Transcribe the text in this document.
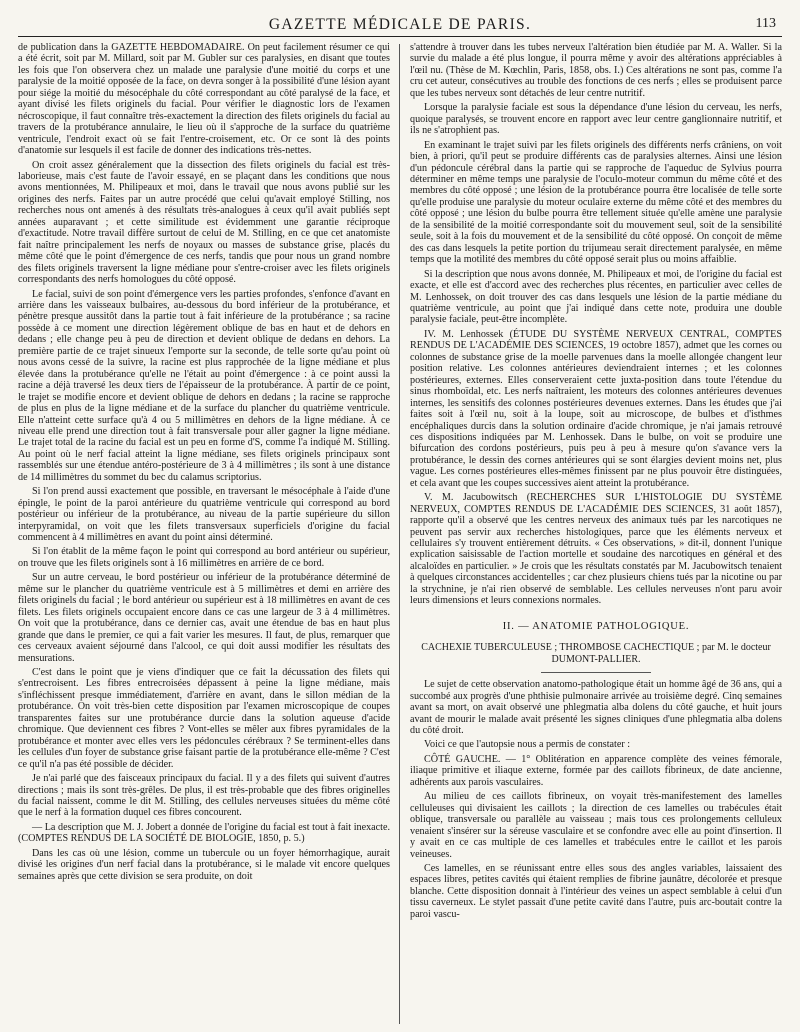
GAZETTE MÉDICALE DE PARIS.	113

de publication dans la GAZETTE HEBDOMADAIRE. On peut facilement résumer ce qui a été écrit, soit par M. Millard, soit par M. Gubler sur ces paralysies, en disant que toutes les fois que l'on observera chez un malade une paralysie d'une moitié du corps et une paralysie de la moitié opposée de la face, on devra songer à la possibilité d'une lésion ayant pour siége la moitié du mésocéphale du côté correspondant au côté paralysé de la face, et ayant divisé les filets originels du facial. Pour vérifier le diagnostic lors de l'examen nécroscopique, il faut connaître très-exactement la direction des filets originels du facial au travers de la protubérance annulaire, le lieu où il s'approche de la surface du quatrième ventricule, l'endroit exact où se fait l'entre-croisement, etc. Or ce sont là des points d'anatomie sur lesquels il est facile de donner des indications très-nettes.

On croit assez généralement que la dissection des filets originels du facial est très-laborieuse, mais c'est faute de l'avoir essayé, en se plaçant dans les conditions que nous avons mentionnées, M. Philipeaux et moi, dans le travail que nous avons publié sur les origines des nerfs. Faites par un autre procédé que celui qu'avait employé Stilling, nos recherches nous ont amenés à des résultats très-analogues à ceux qu'il avait publiés sept années auparavant ; et cette similitude est évidemment une garantie réciproque d'exactitude. Notre travail diffère surtout de celui de M. Stilling, en ce que cet anatomiste fait naître principalement les nerfs de noyaux ou masses de substance grise, placés du même côté que le point d'émergence de ces nerfs, tandis que pour nous un grand nombre des filets originels traversent la ligne médiane pour s'entre-croiser avec les filets originels correspondants des nerfs homologues du côté opposé.

Le facial, suivi de son point d'émergence vers les parties profondes, s'enfonce d'avant en arrière dans les vaisseaux bulbaires, au-dessous du bord inférieur de la protubérance, et pénètre presque aussitôt dans la partie tout à fait inférieure de la protubérance ; sa racine possède à ce moment une direction légèrement oblique de bas en haut et de dehors en dedans ; elle change peu à peu de direction et devient oblique de dedans en dehors. La première partie de ce trajet sinueux l'emporte sur la seconde, de telle sorte qu'au point où nous avons cessé de la suivre, la racine est plus rapprochée de la ligne médiane et plus élevée dans la protubérance qu'elle ne l'était au point d'émergence : à ce point aussi la racine a déjà traversé les deux tiers de l'épaisseur de la protubérance. À partir de ce point, le trajet se modifie encore et devient oblique de dehors en dedans ; la racine se rapproche de plus en plus de la ligne médiane et de la surface du plancher du quatrième ventricule. Elle n'atteint cette surface qu'à 4 ou 5 millimètres en dehors de la ligne médiane. À ce niveau elle prend une direction tout à fait transversale pour aller gagner la ligne médiane. Le trajet total de la racine du facial est un peu en forme d'S, comme l'a indiqué M. Stilling. Au point où le nerf facial atteint la ligne médiane, ses filets originels principaux sont rassemblés sur une étendue antéro-postérieure de 3 à 4 millimètres ; ils sont à une distance de 14 millimètres du sommet du bec du calamus scriptorius.

Si l'on prend aussi exactement que possible, en traversant le mésocéphale à l'aide d'une épingle, le point de la paroi antérieure du quatrième ventricule qui correspond au bord postérieur ou inférieur de la protubérance, au niveau de la partie supérieure du sillon interpyramidal, on voit que les filets transversaux superficiels d'origine du facial commencent à 4 millimètres en avant du point ainsi déterminé.

Si l'on établit de la même façon le point qui correspond au bord antérieur ou supérieur, on trouve que les filets originels sont à 16 millimètres en arrière de ce bord.

Sur un autre cerveau, le bord postérieur ou inférieur de la protubérance déterminé de même sur le plancher du quatrième ventricule est à 5 millimètres et demi en arrière des filets originels du facial ; le bord antérieur ou supérieur est à 18 millimètres en avant de ces filets. Les filets originels occupaient encore dans ce cas une largeur de 3 à 4 millimètres. On voit que la protubérance, dans ce dernier cas, avait une étendue de bas en haut plus grande que dans le premier, ce qui a fait varier les mesures. Il faut, de plus, remarquer que ces cerveaux avaient séjourné dans l'alcool, ce qui doit aussi modifier les résultats des mensurations.

C'est dans le point que je viens d'indiquer que ce fait la décussation des filets qui s'entrecroisent. Les fibres entrecroisées dépassent à peine la ligne médiane, mais s'infléchissent presque immédiatement, d'arrière en avant, dans le sillon médian de la protubérance. On voit très-bien cette disposition par l'examen microscopique de coupes transparentes faites sur une protubérance durcie dans la solution aqueuse d'acide chromique. Que deviennent ces fibres ? Vont-elles se mêler aux fibres pyramidales de la protubérance et monter avec elles vers les pédoncules cérébraux ? Se terminent-elles dans les cellules d'un foyer de substance grise faisant partie de la protubérance elle-même ? C'est ce qu'il n'a pas été possible de décider.

Je n'ai parlé que des faisceaux principaux du facial. Il y a des filets qui suivent d'autres directions ; mais ils sont très-grêles. De plus, il est très-probable que des fibres originelles du facial naissent, comme le dit M. Stilling, des cellules nerveuses situées du même côté que le nerf à la formation duquel ces fibres concourent.

— La description que M. J. Jobert a donnée de l'origine du facial est tout à fait inexacte. (COMPTES RENDUS DE LA SOCIÉTÉ DE BIOLOGIE, 1850, p. 5.)

Dans les cas où une lésion, comme un tubercule ou un foyer hémorrhagique, aurait divisé les origines d'un nerf facial dans la protubérance, si le malade vit encore quelques semaines après que cette division se sera produite, on doit

s'attendre à trouver dans les tubes nerveux l'altération bien étudiée par M. A. Waller. Si la survie du malade a été plus longue, il pourra même y avoir des altérations appréciables à l'œil nu. (Thèse de M. Kœchlin, Paris, 1858, obs. I.) Ces altérations ne sont pas, comme l'a cru cet auteur, consécutives au trouble des fonctions de ces nerfs ; elles se produisent parce que les tubes nerveux sont détachés de leur centre nutritif.

Lorsque la paralysie faciale est sous la dépendance d'une lésion du cerveau, les nerfs, quoique paralysés, se trouvent encore en rapport avec leur centre ganglionnaire nutritif, et ils ne s'atrophient pas.

En examinant le trajet suivi par les filets originels des différents nerfs crâniens, on voit bien, à priori, qu'il peut se produire différents cas de paralysies alternes. Ainsi une lésion d'un pédoncule cérébral dans la partie qui se rapproche de l'aqueduc de Sylvius pourra déterminer en même temps une paralysie de l'oculo-moteur commun du même côté et des membres du côté opposé ; une lésion de la protubérance pourra être localisée de telle sorte qu'elle produise une paralysie du moteur oculaire externe du même côté et des membres du côté opposé ; une lésion du bulbe pourra être tellement située qu'elle amène une paralysie de la sensibilité de la moitié correspondante soit du mouvement seul, soit de la sensibilité seule, soit à la fois du mouvement et de la sensibilité du côté opposé. On conçoit de même des cas dans lesquels la petite portion du trijumeau serait directement paralysée, en même temps que la motilité des membres du côté opposé serait plus ou moins affaiblie.

Si la description que nous avons donnée, M. Philipeaux et moi, de l'origine du facial est exacte, et elle est d'accord avec des recherches plus récentes, en particulier avec celles de M. Lenhossek, on doit trouver des cas dans lesquels une lésion de la partie médiane du quatrième ventricule, au point que j'ai indiqué dans cette note, produira une double paralysie faciale, peut-être incomplète.

IV. M. Lenhossek (ÉTUDE DU SYSTÈME NERVEUX CENTRAL, COMPTES RENDUS DE L'ACADÉMIE DES SCIENCES, 19 octobre 1857), admet que les cornes ou colonnes de substance grise de la moelle parvenues dans la moelle allongée changent leur position relative. Les colonnes antérieures deviendraient internes ; et les colonnes postérieures, externes. Elles conserveraient cette juxta-position dans toute l'étendue du sinus rhomboïdal, etc. Les nerfs naîtraient, les moteurs des colonnes antérieures devenues internes, les sensitifs des colonnes postérieures devenues externes. Dans les études que j'ai faites soit à l'œil nu, soit à la loupe, soit au microscope, de bulbes et d'isthmes encéphaliques durcis dans la solution ordinaire d'acide chromique, je n'ai jamais retrouvé ces dispositions indiquées par M. Lenhossek. Dans le bulbe, on voit se produire une bifurcation des cordons postérieurs, puis peu à peu à mesure qu'on s'avance vers la protubérance, le dessin des cornes antérieures qui se sont élargies devient moins net, plus vague. Les cornes postérieures elles-mêmes finissent par ne plus pouvoir être distinguées, et cela avant que les coupes successives aient atteint la protubérance.

V. M. Jacubowitsch (RECHERCHES SUR L'HISTOLOGIE DU SYSTÈME NERVEUX, COMPTES RENDUS DE L'ACADÉMIE DES SCIENCES, 31 août 1857), rapporte qu'il a observé que les centres nerveux des animaux tués par les narcotiques ne peuvent pas servir aux recherches histologiques, parce que les éléments nerveux et cellulaires s'y trouvent entièrement détruits. « Ces observations, » dit-il, donnent l'unique explication saisissable de l'action mortelle et soudaine des narcotiques en général et des alcaloïdes en particulier. » Je crois que les résultats constatés par M. Jacubowitsch tenaient à quelques circonstances accidentelles ; car chez plusieurs chiens tués par la nicotine ou par la strychnine, je n'ai rien observé de semblable. Les cellules nerveuses n'ont paru avoir leurs dimensions et leurs connexions normales.

II. — ANATOMIE PATHOLOGIQUE.
CACHEXIE TUBERCULEUSE ; THROMBOSE CACHECTIQUE ; par M. le docteur DUMONT-PALLIER.

Le sujet de cette observation anatomo-pathologique était un homme âgé de 36 ans, qui a succombé aux progrès d'une phthisie pulmonaire arrivée au troisième degré. Cinq semaines avant sa mort, on avait observé une phlegmatia alba dolens du côté gauche, et huit jours avant de mourir le malade avait présenté les signes cliniques d'une phlegmatia alba dolens du côté droit.

Voici ce que l'autopsie nous a permis de constater :

CÔTÉ GAUCHE. — 1° Oblitération en apparence complète des veines fémorale, iliaque primitive et iliaque externe, formée par des caillots fibrineux, de date ancienne, adhérents aux parois vasculaires.

Au milieu de ces caillots fibrineux, on voyait très-manifestement des lamelles celluleuses qui divisaient les caillots ; la direction de ces lamelles ou trabécules était oblique, transversale ou parallèle au vaisseau ; mais tous ces prolongements celluleux venaient s'insérer sur la séreuse vasculaire et se confondre avec elle au point d'insertion. Il y avait en ce cas multiple de ces lamelles et trabécules entre le caillot et les parois veineuses.

Ces lamelles, en se réunissant entre elles sous des angles variables, laissaient des espaces libres, petites cavités qui étaient remplies de fibrine jaunâtre, décolorée et presque blanche. Cette disposition donnait à l'intérieur des veines un aspect semblable à celui d'un tissu caverneux. Le stylet passait d'une petite cavité dans l'autre, puis arc-boutait contre la paroi vascu-
